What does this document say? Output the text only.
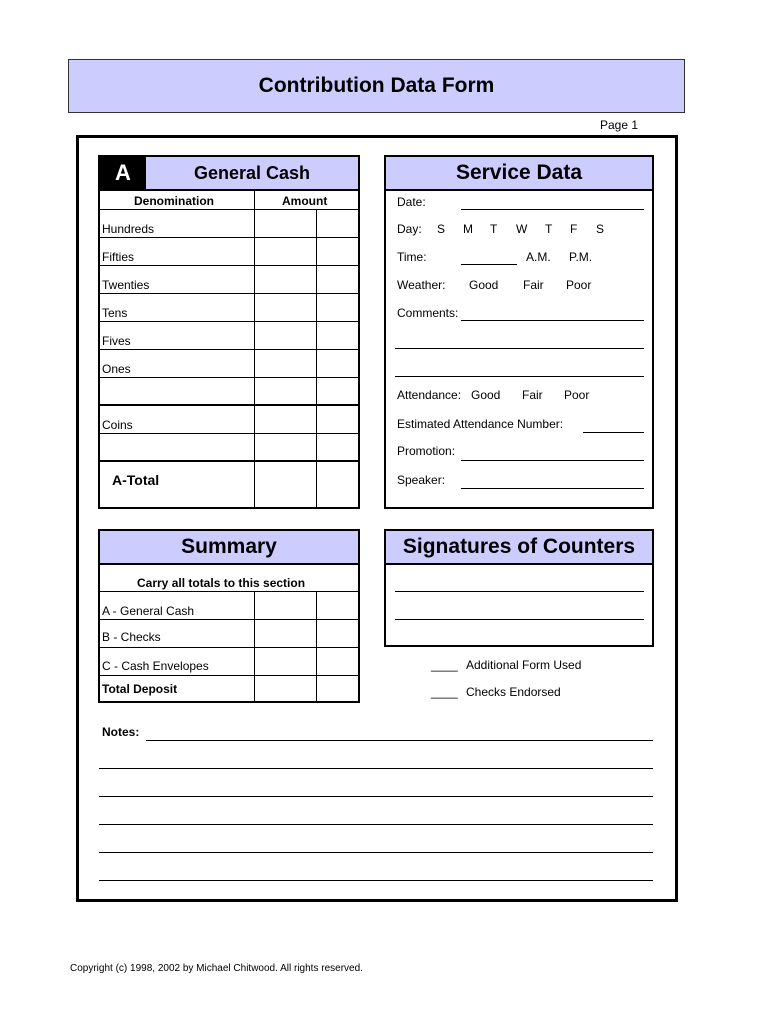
Contribution Data Form
Page 1
A	General Cash
Denomination	Amount
Hundreds
Fifties
Twenties
Tens
Fives
Ones
Coins
A-Total
Service Data
Date:
Day: S M T W T F S
Time:	A.M. P.M.
Weather: Good Fair Poor
Comments:
Attendance: Good Fair Poor
Estimated Attendance Number:
Promotion:
Speaker:
Summary
Carry all totals to this section
A - General Cash
B - Checks
C - Cash Envelopes
Total Deposit
Signatures of Counters
____ Additional Form Used
____ Checks Endorsed
Notes:
Copyright (c) 1998, 2002 by Michael Chitwood. All rights reserved.
